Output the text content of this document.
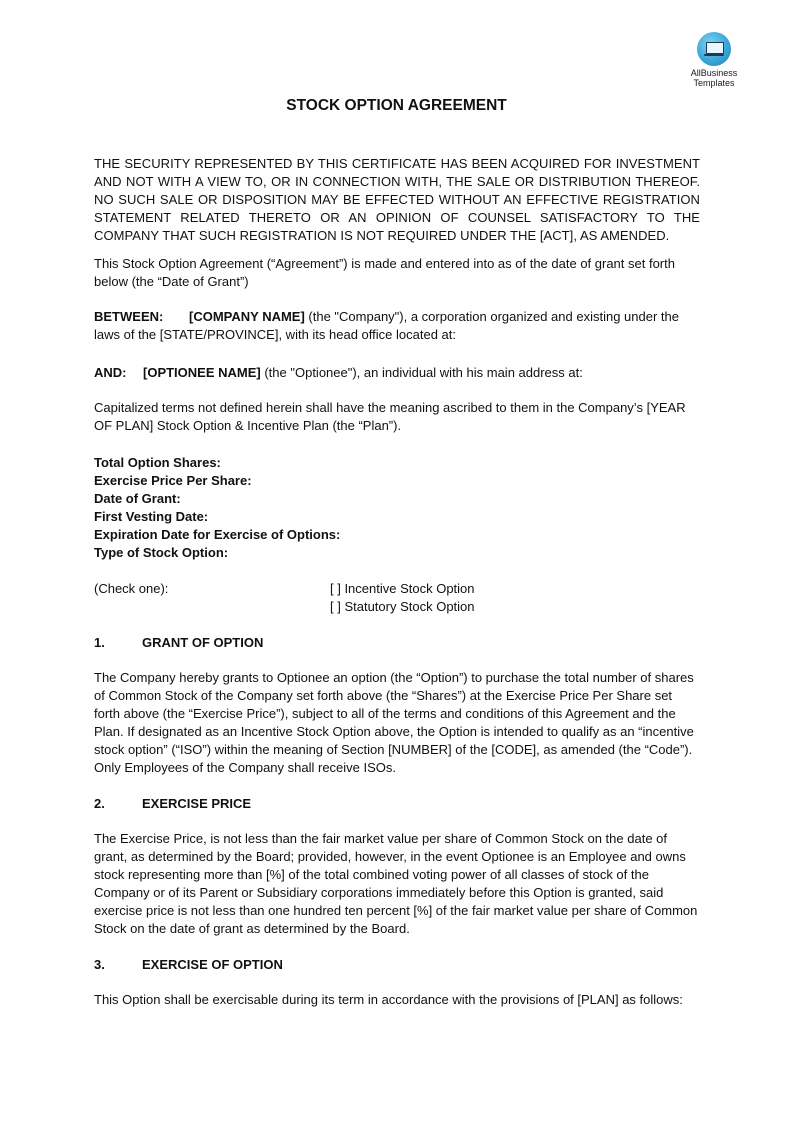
AllBusiness
Templates
STOCK OPTION AGREEMENT

THE SECURITY REPRESENTED BY THIS CERTIFICATE HAS BEEN ACQUIRED FOR INVESTMENT AND NOT WITH A VIEW TO, OR IN CONNECTION WITH, THE SALE OR DISTRIBUTION THEREOF. NO SUCH SALE OR DISPOSITION MAY BE EFFECTED WITHOUT AN EFFECTIVE REGISTRATION STATEMENT RELATED THERETO OR AN OPINION OF COUNSEL SATISFACTORY TO THE COMPANY THAT SUCH REGISTRATION IS NOT REQUIRED UNDER THE [ACT], AS AMENDED.

This Stock Option Agreement (“Agreement”) is made and entered into as of the date of grant set forth below (the “Date of Grant”)

BETWEEN: [COMPANY NAME] (the "Company"), a corporation organized and existing under the laws of the [STATE/PROVINCE], with its head office located at:

AND: [OPTIONEE NAME] (the "Optionee"), an individual with his main address at:

Capitalized terms not defined herein shall have the meaning ascribed to them in the Company’s [YEAR OF PLAN] Stock Option & Incentive Plan (the “Plan”).

Total Option Shares:
Exercise Price Per Share:
Date of Grant:
First Vesting Date:
Expiration Date for Exercise of Options:
Type of Stock Option:
(Check one):	[ ] Incentive Stock Option
[ ] Statutory Stock Option
1.	GRANT OF OPTION

The Company hereby grants to Optionee an option (the “Option”) to purchase the total number of shares of Common Stock of the Company set forth above (the “Shares”) at the Exercise Price Per Share set forth above (the “Exercise Price”), subject to all of the terms and conditions of this Agreement and the Plan. If designated as an Incentive Stock Option above, the Option is intended to qualify as an “incentive stock option” (“ISO”) within the meaning of Section [NUMBER] of the [CODE], as amended (the “Code”). Only Employees of the Company shall receive ISOs.

2.	EXERCISE PRICE

The Exercise Price, is not less than the fair market value per share of Common Stock on the date of grant, as determined by the Board; provided, however, in the event Optionee is an Employee and owns stock representing more than [%] of the total combined voting power of all classes of stock of the Company or of its Parent or Subsidiary corporations immediately before this Option is granted, said exercise price is not less than one hundred ten percent [%] of the fair market value per share of Common Stock on the date of grant as determined by the Board.

3.	EXERCISE OF OPTION

This Option shall be exercisable during its term in accordance with the provisions of [PLAN] as follows:
